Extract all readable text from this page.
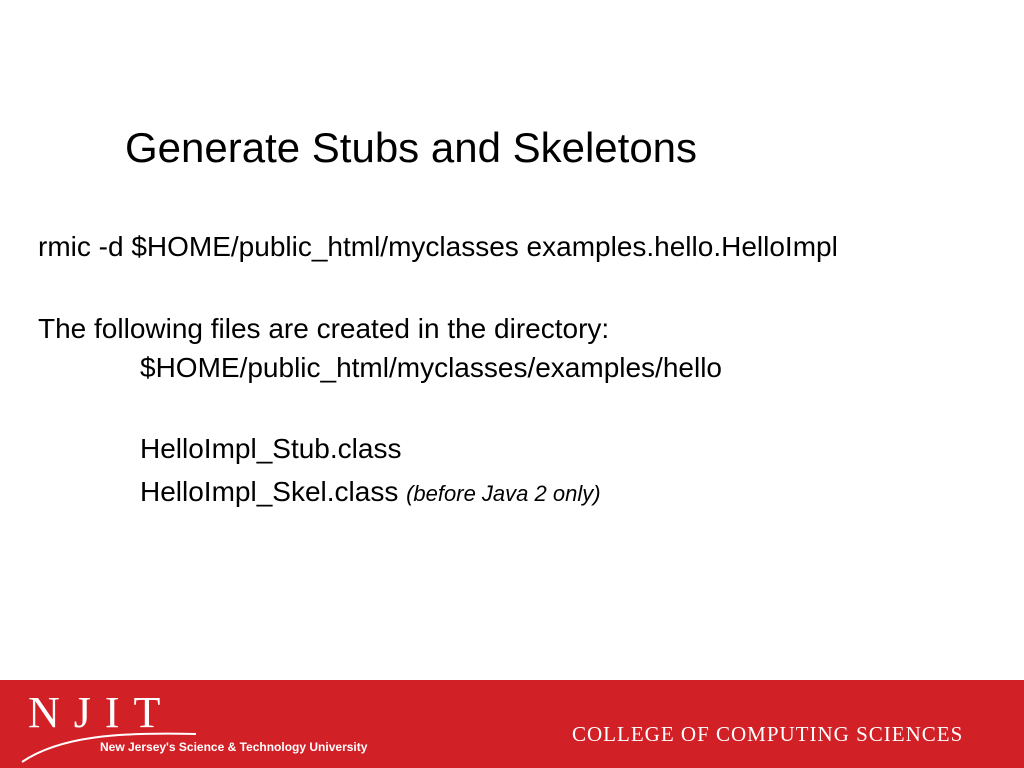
Generate Stubs and Skeletons
rmic -d $HOME/public_html/myclasses examples.hello.HelloImpl
The following files are created in the directory:
$HOME/public_html/myclasses/examples/hello
HelloImpl_Stub.class
HelloImpl_Skel.class (before Java 2 only)
NJIT
New Jersey's Science & Technology University
COLLEGE OF COMPUTING SCIENCES
